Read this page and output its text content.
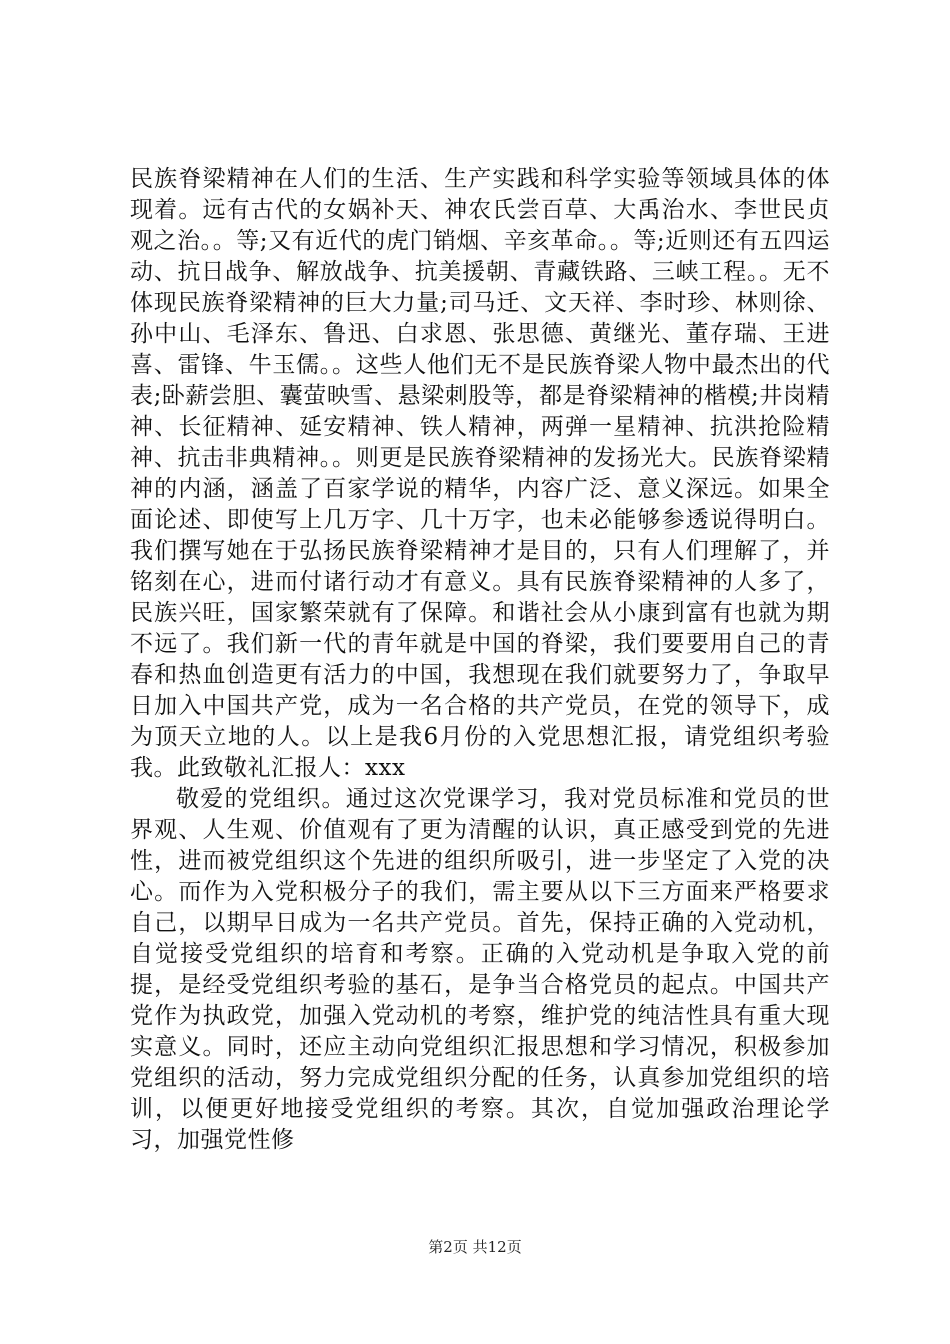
民族脊梁精神在人们的生活、生产实践和科学实验等领域具体的体现着。远有古代的女娲补天、神农氏尝百草、大禹治水、李世民贞观之治。。等;又有近代的虎门销烟、辛亥革命。。等;近则还有五四运动、抗日战争、解放战争、抗美援朝、青藏铁路、三峡工程。。无不体现民族脊梁精神的巨大力量;司马迁、文天祥、李时珍、林则徐、孙中山、毛泽东、鲁迅、白求恩、张思德、黄继光、董存瑞、王进喜、雷锋、牛玉儒。。这些人他们无不是民族脊梁人物中最杰出的代表;卧薪尝胆、囊萤映雪、悬梁刺股等，都是脊梁精神的楷模;井岗精神、长征精神、延安精神、铁人精神，两弹一星精神、抗洪抢险精神、抗击非典精神。。则更是民族脊梁精神的发扬光大。民族脊梁精神的内涵，涵盖了百家学说的精华，内容广泛、意义深远。如果全面论述、即使写上几万字、几十万字，也未必能够参透说得明白。我们撰写她在于弘扬民族脊梁精神才是目的，只有人们理解了，并铭刻在心，进而付诸行动才有意义。具有民族脊梁精神的人多了，民族兴旺，国家繁荣就有了保障。和谐社会从小康到富有也就为期不远了。我们新一代的青年就是中国的脊梁，我们要要用自己的青春和热血创造更有活力的中国，我想现在我们就要努力了，争取早日加入中国共产党，成为一名合格的共产党员，在党的领导下，成为顶天立地的人。以上是我6月份的入党思想汇报，请党组织考验我。此致敬礼汇报人：xxx

敬爱的党组织。通过这次党课学习，我对党员标准和党员的世界观、人生观、价值观有了更为清醒的认识，真正感受到党的先进性，进而被党组织这个先进的组织所吸引，进一步坚定了入党的决心。而作为入党积极分子的我们，需主要从以下三方面来严格要求自己，以期早日成为一名共产党员。首先，保持正确的入党动机，自觉接受党组织的培育和考察。正确的入党动机是争取入党的前提，是经受党组织考验的基石，是争当合格党员的起点。中国共产党作为执政党，加强入党动机的考察，维护党的纯洁性具有重大现实意义。同时，还应主动向党组织汇报思想和学习情况，积极参加党组织的活动，努力完成党组织分配的任务，认真参加党组织的培训，以便更好地接受党组织的考察。其次，自觉加强政治理论学习，加强党性修

第2页 共12页
